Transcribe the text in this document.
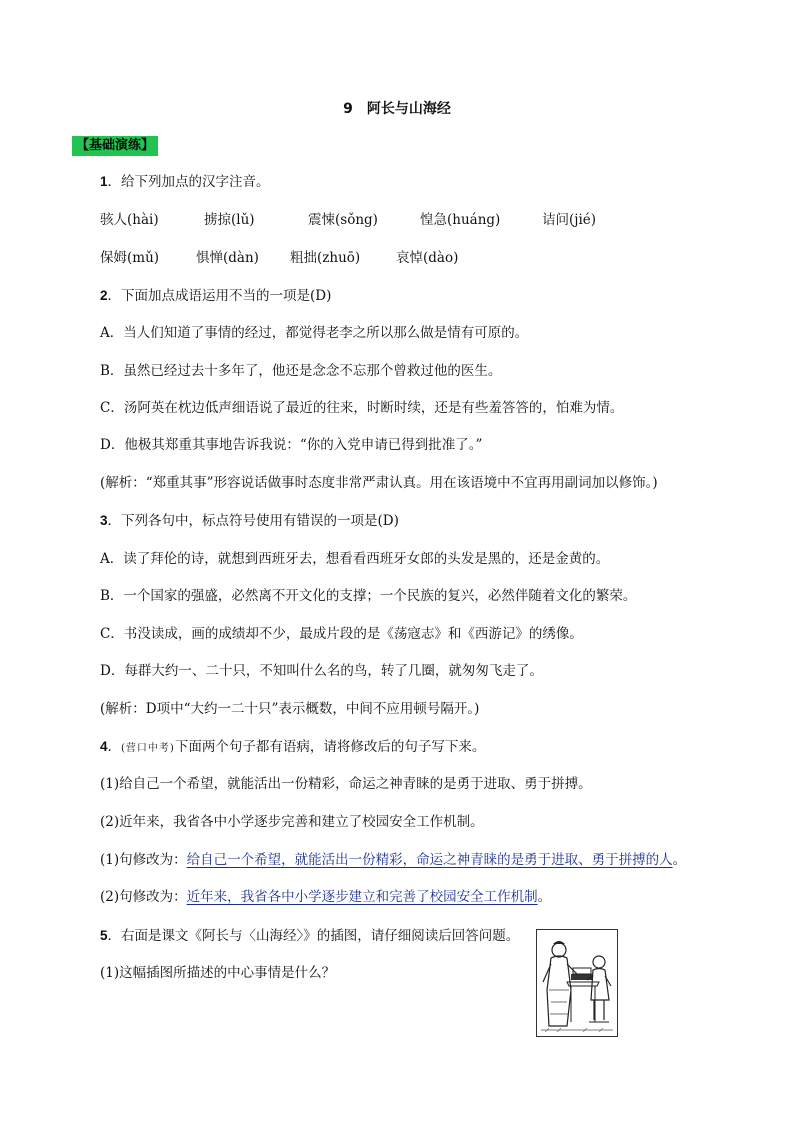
9　阿长与山海经
【基础演练】
1．给下列加点的汉字注音。
骇人(hài)	掳掠(lǔ)	震悚(sǒng)	惶急(huáng)	诘问(jié)
保姆(mǔ)	惧惮(dàn) 粗拙(zhuō)	哀悼(dào)
2．下面加点成语运用不当的一项是(D)
A．当人们知道了事情的经过，都觉得老李之所以那么做是情有可原的。
B．虽然已经过去十多年了，他还是念念不忘那个曾救过他的医生。
C．汤阿英在枕边低声细语说了最近的往来，时断时续，还是有些羞答答的，怕难为情。
D．他极其郑重其事地告诉我说：“你的入党申请已得到批准了。”
(解析：“郑重其事”形容说话做事时态度非常严肃认真。用在该语境中不宜再用副词加以修饰。)
3．下列各句中，标点符号使用有错误的一项是(D)
A．读了拜伦的诗，就想到西班牙去，想看看西班牙女郎的头发是黑的，还是金黄的。
B．一个国家的强盛，必然离不开文化的支撑；一个民族的复兴，必然伴随着文化的繁荣。
C．书没读成，画的成绩却不少，最成片段的是《荡寇志》和《西游记》的绣像。
D．每群大约一、二十只，不知叫什么名的鸟，转了几圈，就匆匆飞走了。
(解析：D项中“大约一二十只”表示概数，中间不应用顿号隔开。)
4．(营口中考)下面两个句子都有语病，请将修改后的句子写下来。
(1)给自己一个希望，就能活出一份精彩，命运之神青睐的是勇于进取、勇于拼搏。
(2)近年来，我省各中小学逐步完善和建立了校园安全工作机制。
(1)句修改为：给自己一个希望，就能活出一份精彩，命运之神青睐的是勇于进取、勇于拼搏的人。
(2)句修改为：近年来，我省各中小学逐步建立和完善了校园安全工作机制。
5．右面是课文《阿长与〈山海经〉》的插图，请仔细阅读后回答问题。
(1)这幅插图所描述的中心事情是什么？
